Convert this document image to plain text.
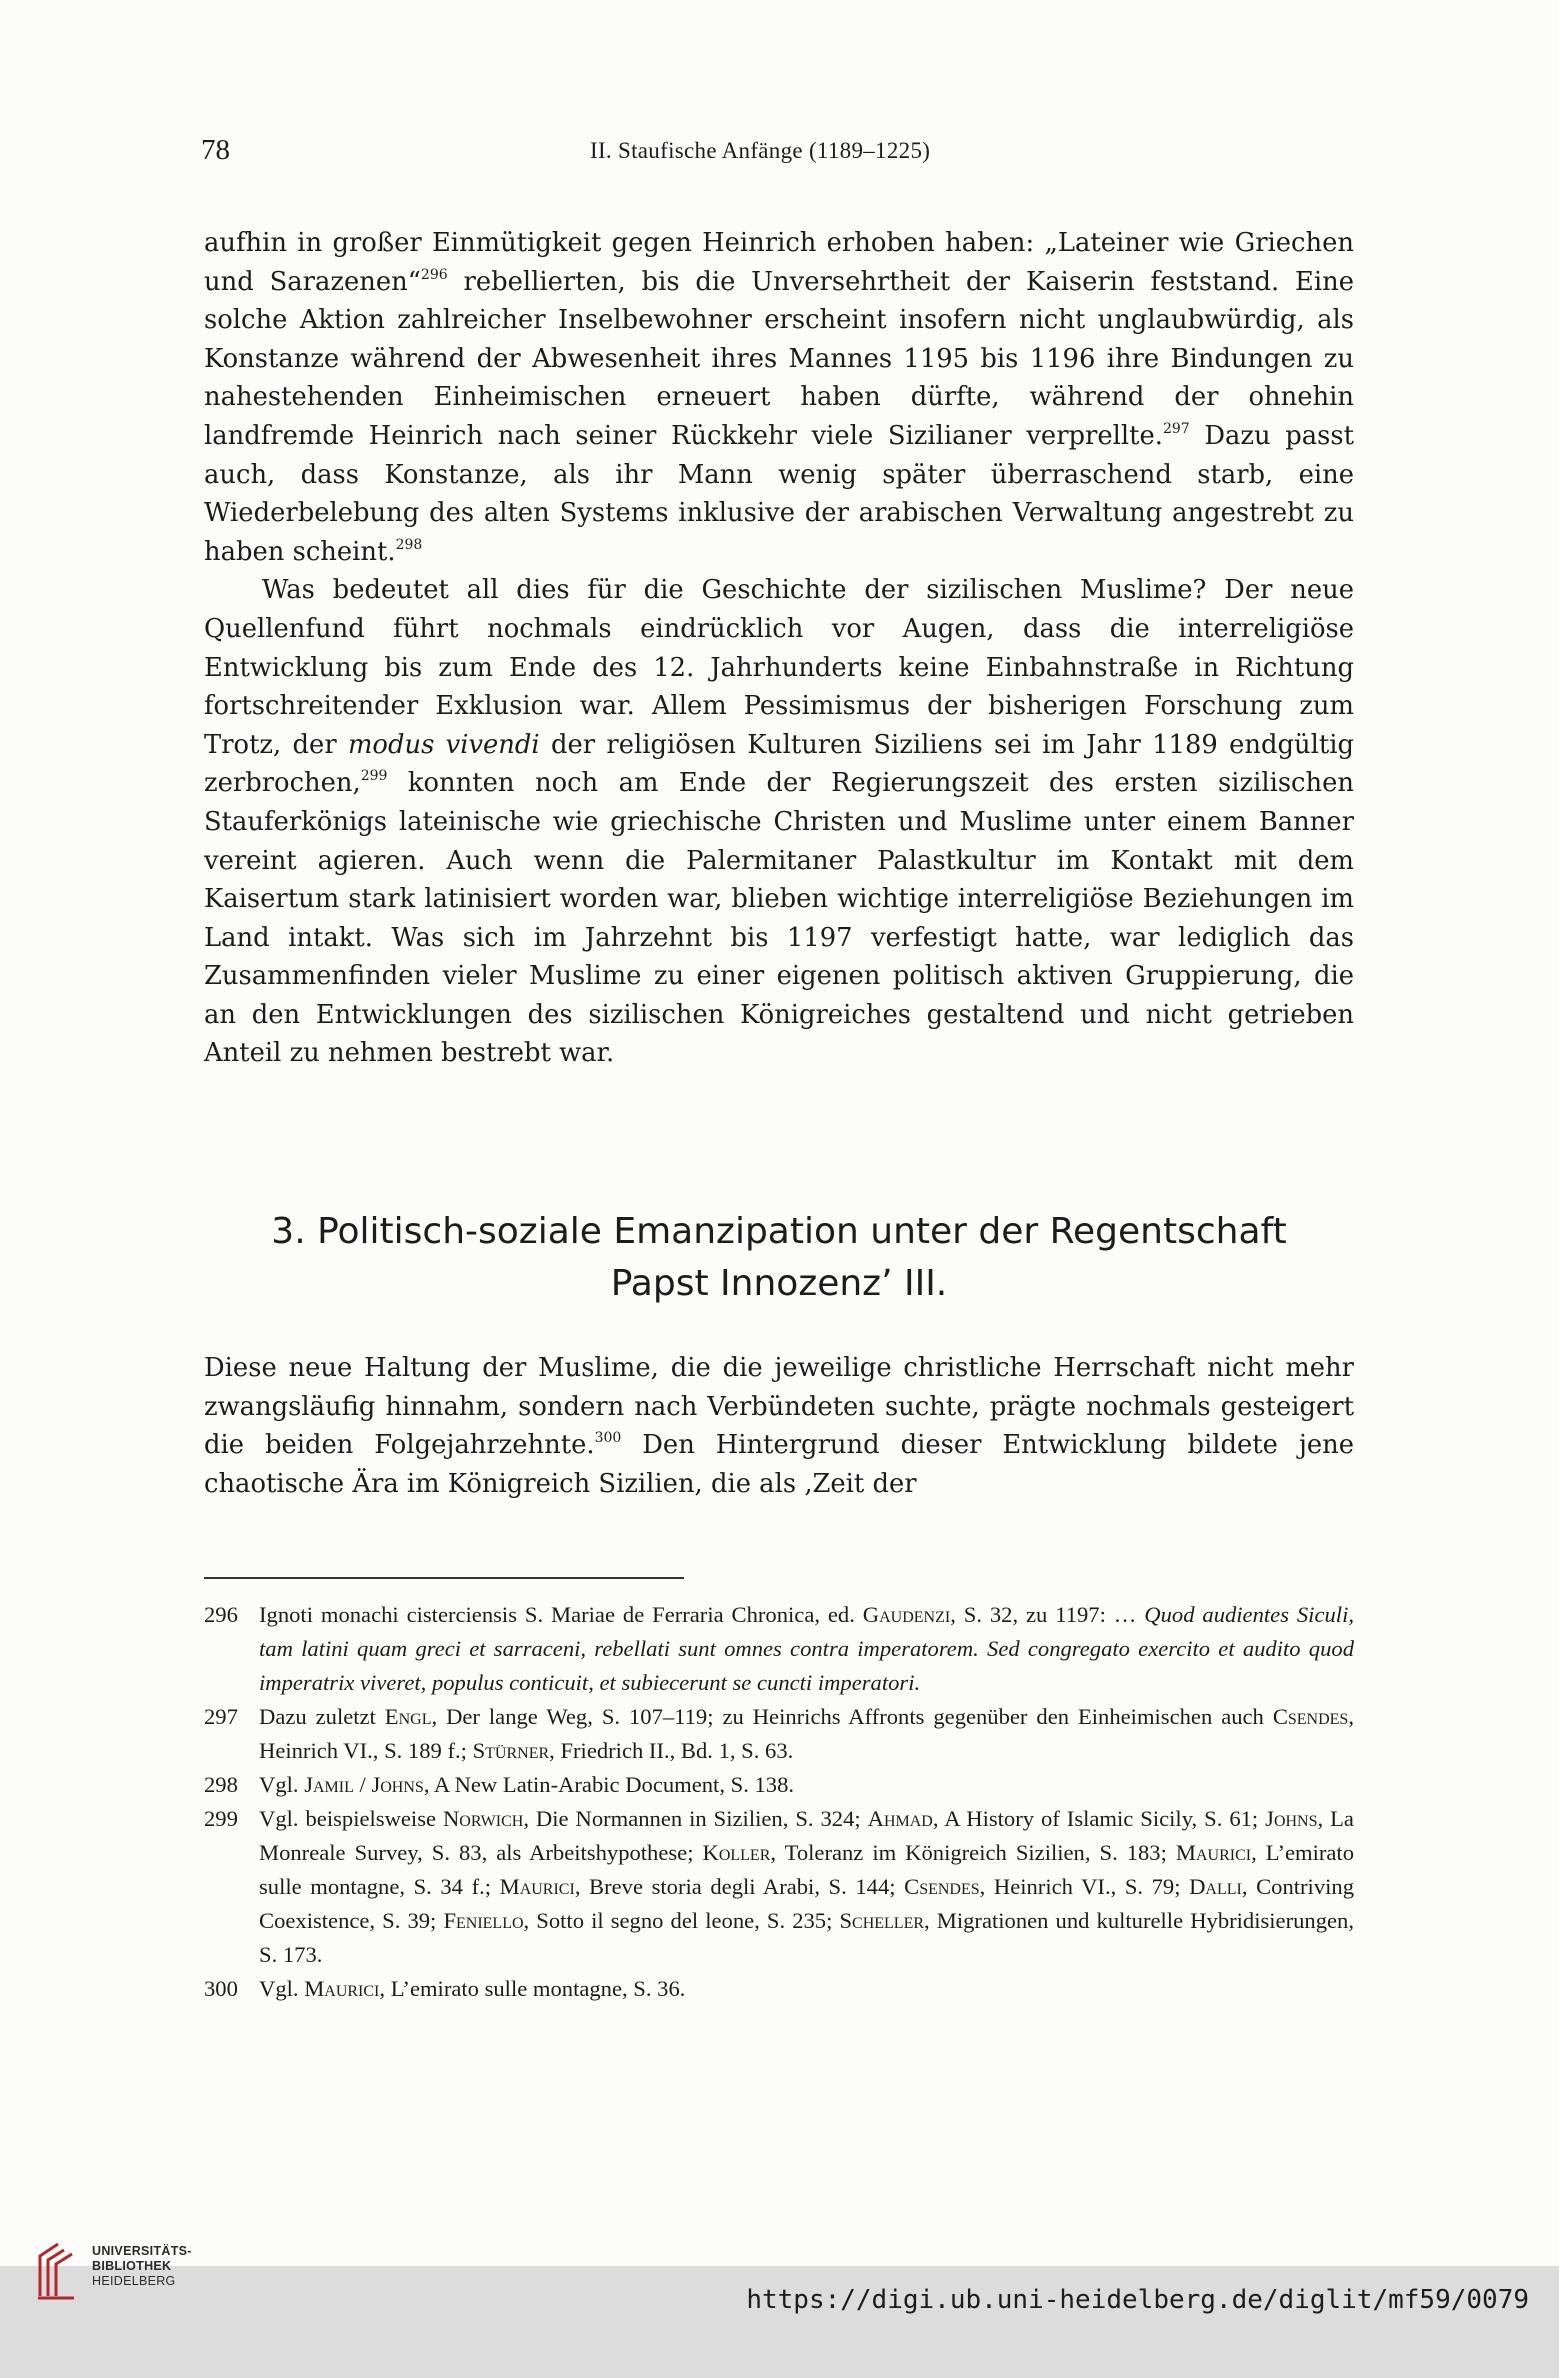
78	II. Staufische Anfänge (1189–1225)

aufhin in großer Einmütigkeit gegen Heinrich erhoben haben: „Lateiner wie Griechen und Sarazenen“$^{296}$ rebellierten, bis die Unversehrtheit der Kaiserin feststand. Eine solche Aktion zahlreicher Inselbewohner erscheint insofern nicht unglaubwürdig, als Konstanze während der Abwesenheit ihres Mannes 1195 bis 1196 ihre Bindungen zu nahestehenden Einheimischen erneuert haben dürfte, während der ohnehin landfremde Heinrich nach seiner Rückkehr viele Sizilianer verprellte.$^{297}$ Dazu passt auch, dass Konstanze, als ihr Mann wenig später überraschend starb, eine Wiederbelebung des alten Systems inklusive der arabischen Verwaltung angestrebt zu haben scheint.$^{298}$

Was bedeutet all dies für die Geschichte der sizilischen Muslime? Der neue Quellenfund führt nochmals eindrücklich vor Augen, dass die interreligiöse Entwicklung bis zum Ende des 12. Jahrhunderts keine Einbahnstraße in Richtung fortschreitender Exklusion war. Allem Pessimismus der bisherigen Forschung zum Trotz, der modus vivendi der religiösen Kulturen Siziliens sei im Jahr 1189 endgültig zerbrochen,$^{299}$ konnten noch am Ende der Regierungszeit des ersten sizilischen Stauferkönigs lateinische wie griechische Christen und Muslime unter einem Banner vereint agieren. Auch wenn die Palermitaner Palastkultur im Kontakt mit dem Kaisertum stark latinisiert worden war, blieben wichtige interreligiöse Beziehungen im Land intakt. Was sich im Jahrzehnt bis 1197 verfestigt hatte, war lediglich das Zusammenfinden vieler Muslime zu einer eigenen politisch aktiven Gruppierung, die an den Entwicklungen des sizilischen Königreiches gestaltend und nicht getrieben Anteil zu nehmen bestrebt war.

3. Politisch-soziale Emanzipation unter der Regentschaft
Papst Innozenz’ III.

Diese neue Haltung der Muslime, die die jeweilige christliche Herrschaft nicht mehr zwangsläufig hinnahm, sondern nach Verbündeten suchte, prägte nochmals gesteigert die beiden Folgejahrzehnte.$^{300}$ Den Hintergrund dieser Entwicklung bildete jene chaotische Ära im Königreich Sizilien, die als ‚Zeit der

296 Ignoti monachi cisterciensis S. Mariae de Ferraria Chronica, ed. Gaudenzi, S. 32, zu 1197: … Quod audientes Siculi, tam latini quam greci et sarraceni, rebellati sunt omnes contra imperatorem. Sed congregato exercito et audito quod imperatrix viveret, populus conticuit, et subiecerunt se cuncti imperatori.
297 Dazu zuletzt Engl, Der lange Weg, S. 107–119; zu Heinrichs Affronts gegenüber den Einheimischen auch Csendes, Heinrich VI., S. 189 f.; Stürner, Friedrich II., Bd. 1, S. 63.
298 Vgl. Jamil / Johns, A New Latin-Arabic Document, S. 138.
299 Vgl. beispielsweise Norwich, Die Normannen in Sizilien, S. 324; Ahmad, A History of Islamic Sicily, S. 61; Johns, La Monreale Survey, S. 83, als Arbeitshypothese; Koller, Toleranz im Königreich Sizilien, S. 183; Maurici, L’emirato sulle montagne, S. 34 f.; Maurici, Breve storia degli Arabi, S. 144; Csendes, Heinrich VI., S. 79; Dalli, Contriving Coexistence, S. 39; Feniello, Sotto il segno del leone, S. 235; Scheller, Migrationen und kulturelle Hybridisierungen, S. 173.
300 Vgl. Maurici, L’emirato sulle montagne, S. 36.
UNIVERSITÄTS-
BIBLIOTHEK
HEIDELBERG
https://digi.ub.uni-heidelberg.de/diglit/mf59/0079
